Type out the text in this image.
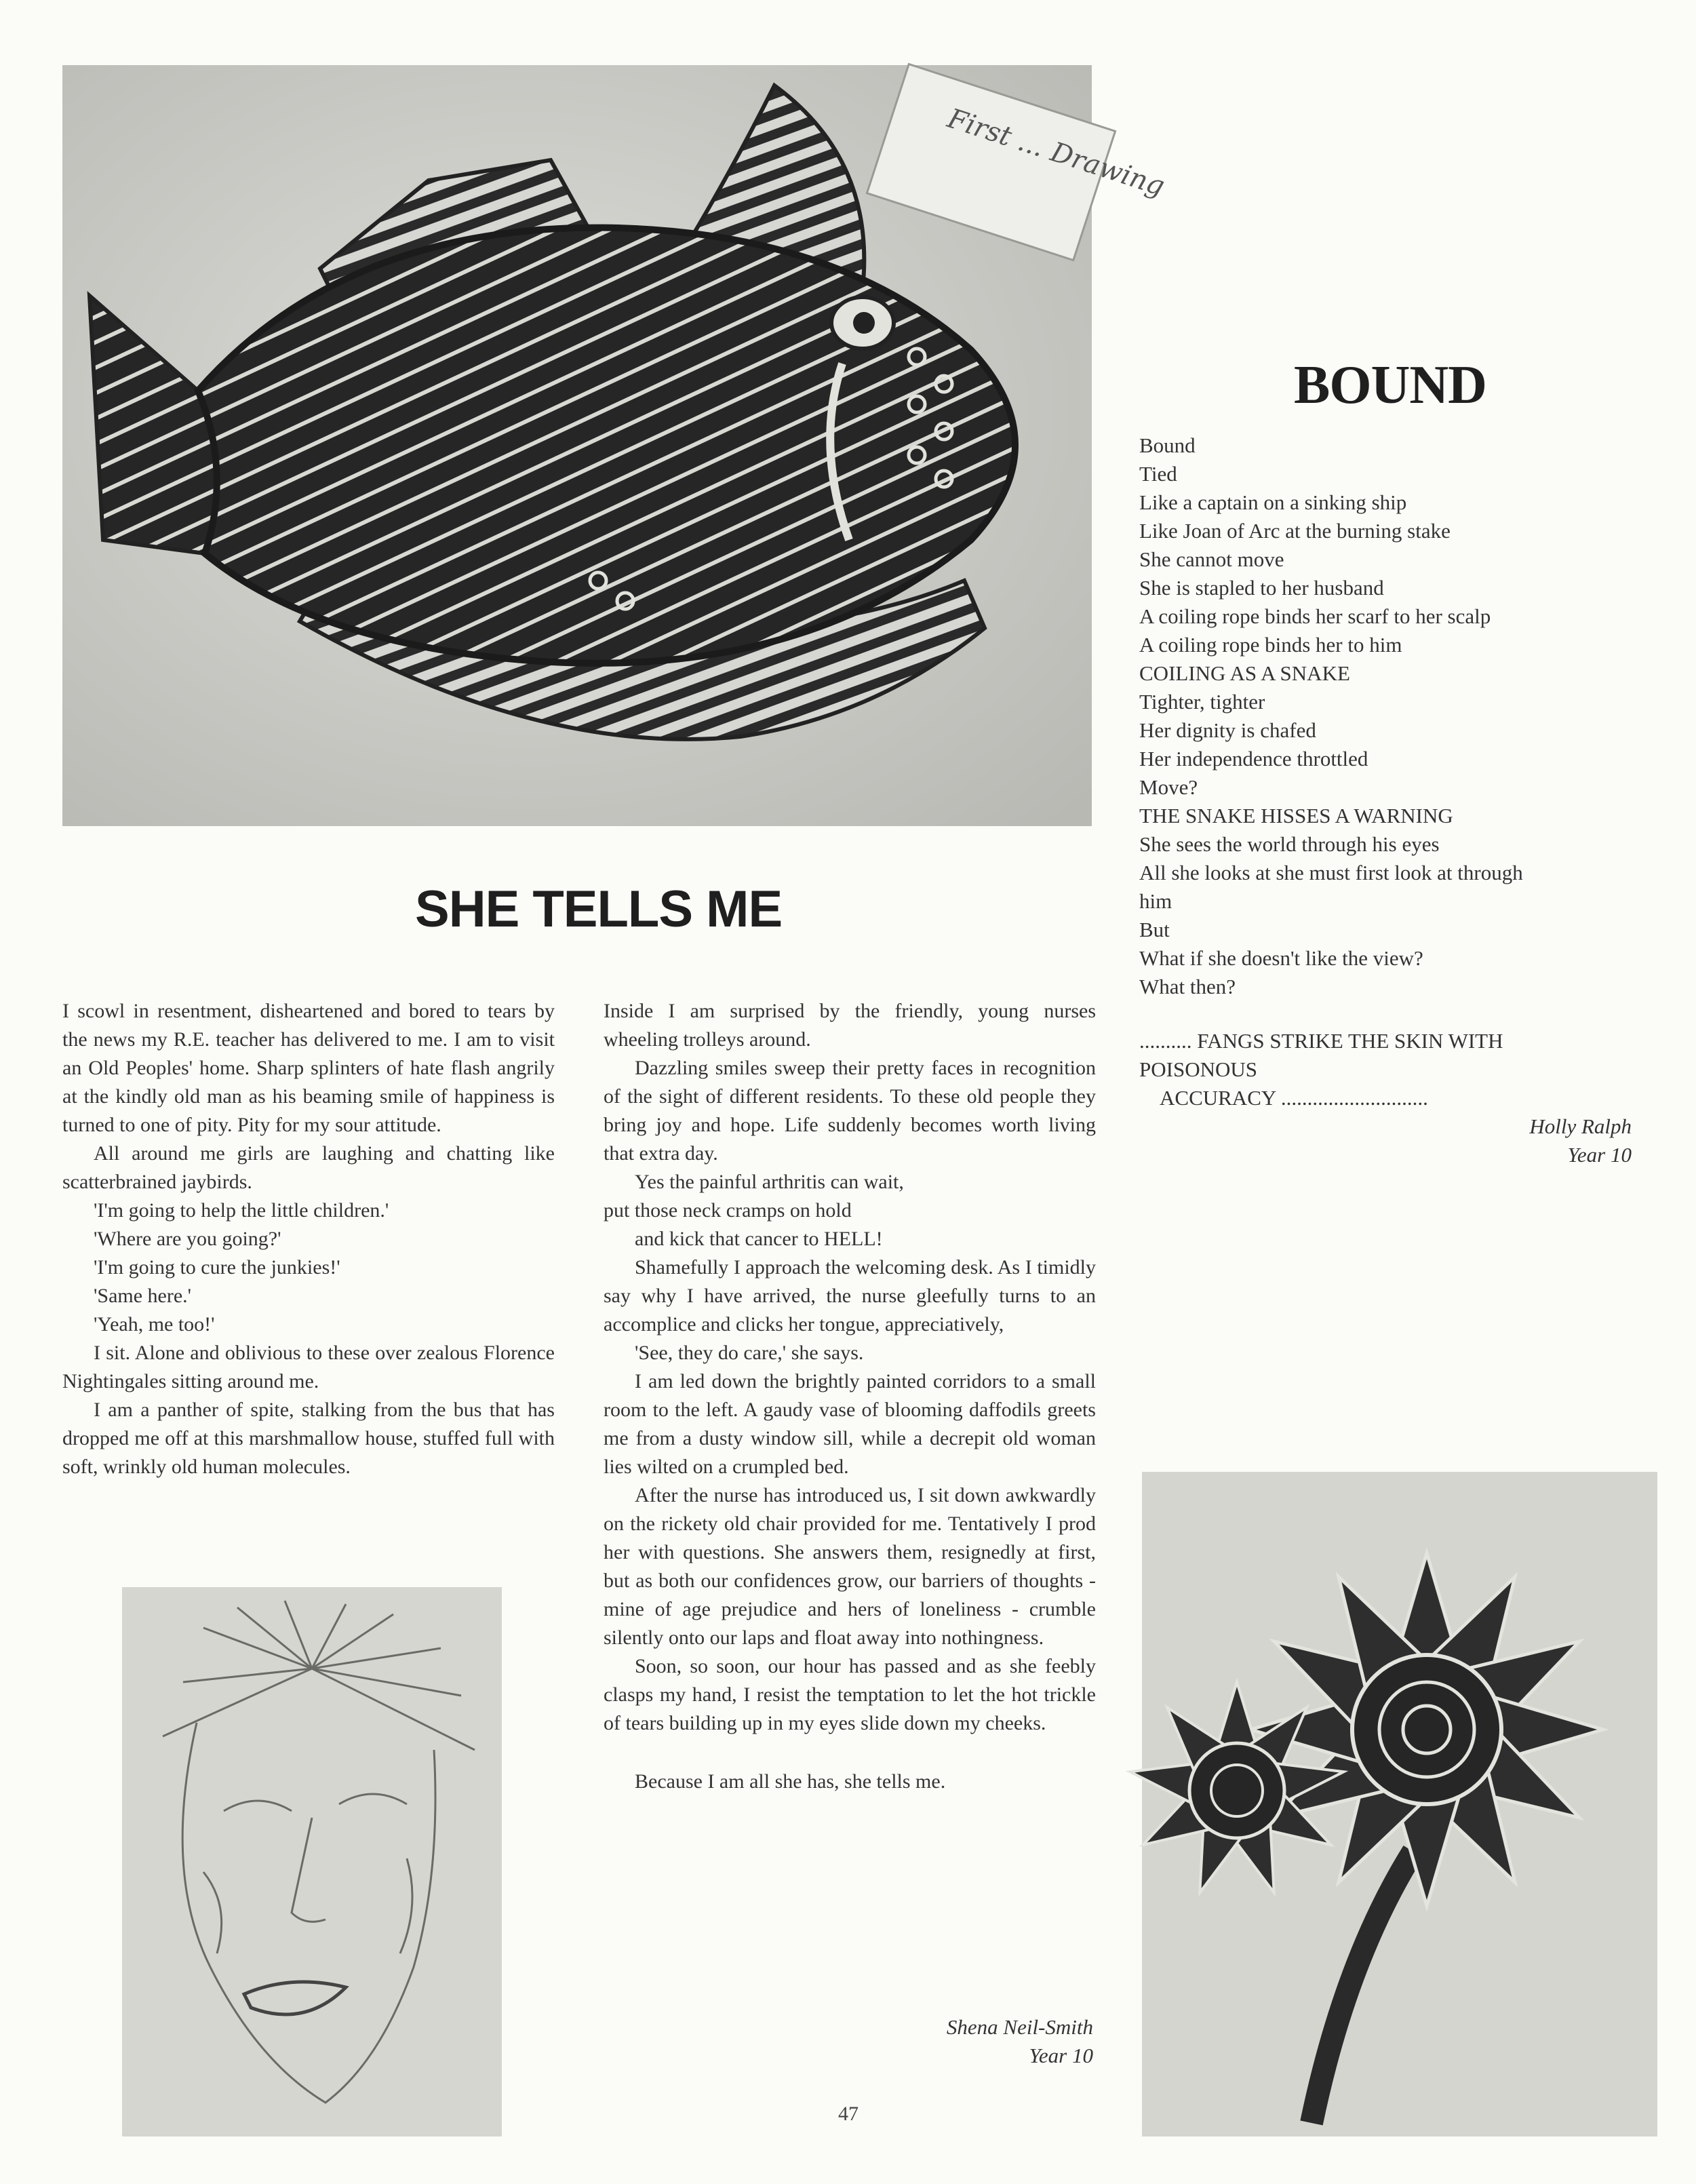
First ... Drawing
SHE TELLS ME

I scowl in resentment, disheartened and bored to tears by the news my R.E. teacher has delivered to me. I am to visit an Old Peoples' home. Sharp splinters of hate flash angrily at the kindly old man as his beaming smile of happiness is turned to one of pity. Pity for my sour attitude.

All around me girls are laughing and chatting like scatterbrained jaybirds.

'I'm going to help the little children.'

'Where are you going?'

'I'm going to cure the junkies!'

'Same here.'

'Yeah, me too!'

I sit. Alone and oblivious to these over zealous Florence Nightingales sitting around me.

I am a panther of spite, stalking from the bus that has dropped me off at this marshmallow house, stuffed full with soft, wrinkly old human molecules.

Inside I am surprised by the friendly, young nurses wheeling trolleys around.

Dazzling smiles sweep their pretty faces in recognition of the sight of different residents. To these old people they bring joy and hope. Life suddenly becomes worth living that extra day.

Yes the painful arthritis can wait,

put those neck cramps on hold

and kick that cancer to HELL!

Shamefully I approach the welcoming desk. As I timidly say why I have arrived, the nurse gleefully turns to an accomplice and clicks her tongue, appreciatively,

'See, they do care,' she says.

I am led down the brightly painted corridors to a small room to the left. A gaudy vase of blooming daffodils greets me from a dusty window sill, while a decrepit old woman lies wilted on a crumpled bed.

After the nurse has introduced us, I sit down awkwardly on the rickety old chair provided for me. Tentatively I prod her with questions. She answers them, resignedly at first, but as both our confidences grow, our barriers of thoughts - mine of age prejudice and hers of loneliness - crumble silently onto our laps and float away into nothingness.

Soon, so soon, our hour has passed and as she feebly clasps my hand, I resist the temptation to let the hot trickle of tears building up in my eyes slide down my cheeks.

Because I am all she has, she tells me.

Shena Neil-Smith
Year 10
BOUND
Bound
Tied
Like a captain on a sinking ship
Like Joan of Arc at the burning stake
She cannot move
She is stapled to her husband
A coiling rope binds her scarf to her scalp
A coiling rope binds her to him
COILING AS A SNAKE
Tighter, tighter
Her dignity is chafed
Her independence throttled
Move?
THE SNAKE HISSES A WARNING
She sees the world through his eyes
All she looks at she must first look at through
him
But
What if she doesn't like the view?
What then?
.......... FANGS STRIKE THE SKIN WITH
POISONOUS
ACCURACY ............................
Holly Ralph
Year 10
47
